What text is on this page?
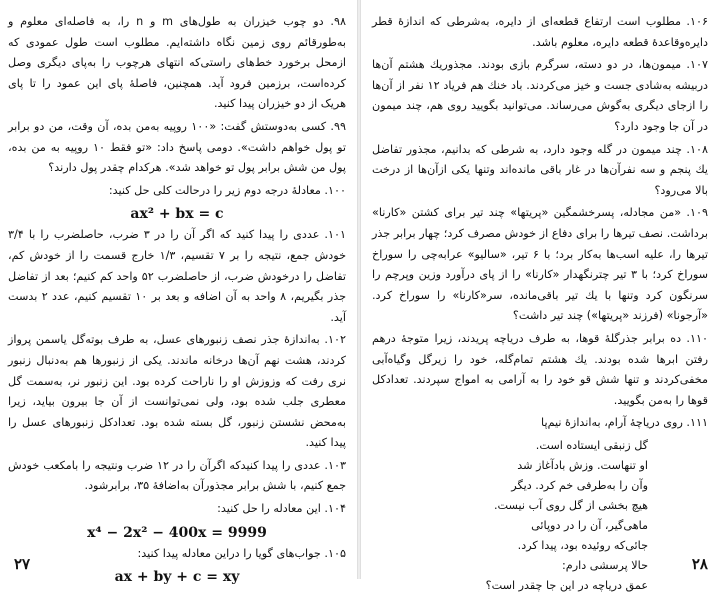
۹۸. دو چوب خیزران به طول‌های m و n را، به فاصله‌ای معلوم و به‌طورقائم روی زمین نگاه داشته‌ایم. مطلوب است طول عمودی که ازمحل برخورد خط‌های راستی‌که انتهای هرچوب را به‌پای دیگری وصل کرده‌است، برزمین فرود آید. همچنین، فاصلهٔ پای این عمود را تا پای هریک از دو خیزران پیدا کنید.

۹۹. کسی به‌دوستش گفت: «۱۰۰ روپیه به‌من بده، آن وقت، من دو برابر تو پول خواهم داشت». دومی پاسخ داد: «تو فقط ۱۰ روپیه به من بده، پول من شش برابر پول تو خواهد شد». هرکدام چقدر پول دارند؟

۱۰۰. معادلهٔ درجه دوم زیر را درحالت کلی حل کنید:

ax² + bx = c

۱۰۱. عددی را پیدا کنید که اگر آن را در ۳ ضرب، حاصلضرب را با ۳/۴ خودش جمع، نتیجه را بر ۷ تقسیم، ۱/۳ خارج قسمت را از خودش کم، تفاضل را درخودش ضرب، از حاصلضرب ۵۲ واحد کم کنیم؛ بعد از تفاضل جذر بگیریم، ۸ واحد به آن اضافه و بعد بر ۱۰ تقسیم کنیم، عدد ۲ بدست آید.

۱۰۲. به‌اندازهٔ جذر نصف زنبورهای عسل، به طرف بوته‌گل یاسمن پرواز کردند، هشت نهم آن‌ها درخانه ماندند. یکی از زنبورها هم به‌دنبال زنبور نری رفت که وزوزش او را ناراحت کرده بود. این زنبور نر، به‌سمت گل معطری جلب شده بود، ولی نمی‌توانست از آن جا بیرون بیاید، زیرا به‌محض نشستن زنبور، گل بسته شده بود. تعدادکل زنبورهای عسل را پیدا کنید.

۱۰۳. عددی را پیدا کنیدکه اگرآن را در ۱۲ ضرب ونتیجه را بامکعب خودش جمع کنیم، با شش برابر مجذورآن به‌اضافهٔ ۳۵، برابرشود.

۱۰۴. این معادله را حل کنید:

x⁴ − 2x² − 400x = 9999

۱۰۵. جواب‌های گویا را دراین معادله پیدا کنید:

ax + by + c = xy

۲۷

۱۰۶. مطلوب است ارتفاع قطعه‌ای از دایره، به‌شرطی که اندازهٔ قطر دایره‌وقاعدهٔ قطعه دایره، معلوم باشد.

۱۰۷. میمون‌ها، در دو دسته، سرگرم بازی بودند. مجذوریك هشتم آن‌ها دربیشه به‌شادی جست و خیز می‌کردند. باد خنك هم فریاد ۱۲ نفر از آن‌ها را ازجای دیگری به‌گوش می‌رساند. می‌توانید بگویید روی هم، چند میمون در آن جا وجود دارد؟

۱۰۸. چند میمون در گله وجود دارد، به شرطی که بدانیم، مجذور تفاضل یك پنجم و سه نفرآن‌ها در غار باقی مانده‌اند وتنها یکی ازآن‌ها از درخت بالا می‌رود؟

۱۰۹. «من مجادله، پسرخشمگین «پریتها» چند تیر برای کشتن «کارنا» برداشت. نصف تیرها را برای دفاع از خودش مصرف کرد؛ چهار برابر جذر تیرها را، علیه اسب‌ها به‌کار برد؛ با ۶ تیر، «سالیو» عرابه‌چی را سوراخ سوراخ کرد؛ با ۳ تیر چترنگهدار «کارنا» را از پای درآورد وزین وپرچم را سرنگون کرد وتنها با یك تیر باقی‌مانده، سر«کارنا» را سوراخ کرد. «آرجونا» (فرزند «پریتها») چند تیر داشت؟

۱۱۰. ده برابر جذرگلهٔ قوها، به طرف دریاچه پریدند، زیرا متوجهٔ درهم رفتن ابرها شده بودند. یك هشتم تمام‌گله، خود را زیرگل وگیاه‌آبی مخفی‌کردند و تنها شش قو خود را به آرامی به امواج سپردند. تعدادکل قوها را به‌من بگویید.

۱۱۱. روی دریاچهٔ آرام، به‌اندازهٔ نیم‌پا

گل زنبقی ایستاده است.
او تنهاست. وزش بادآغاز شد
وآن را به‌طرفی خم کرد. دیگر
هیچ بخشی از گل روی آب نیست.
ماهی‌گیر، آن را در دوپائی
جائی‌که روئیده بود، پیدا کرد.
حالا پرسشی دارم:
عمق دریاچه در این جا چقدر است؟
۲۸
